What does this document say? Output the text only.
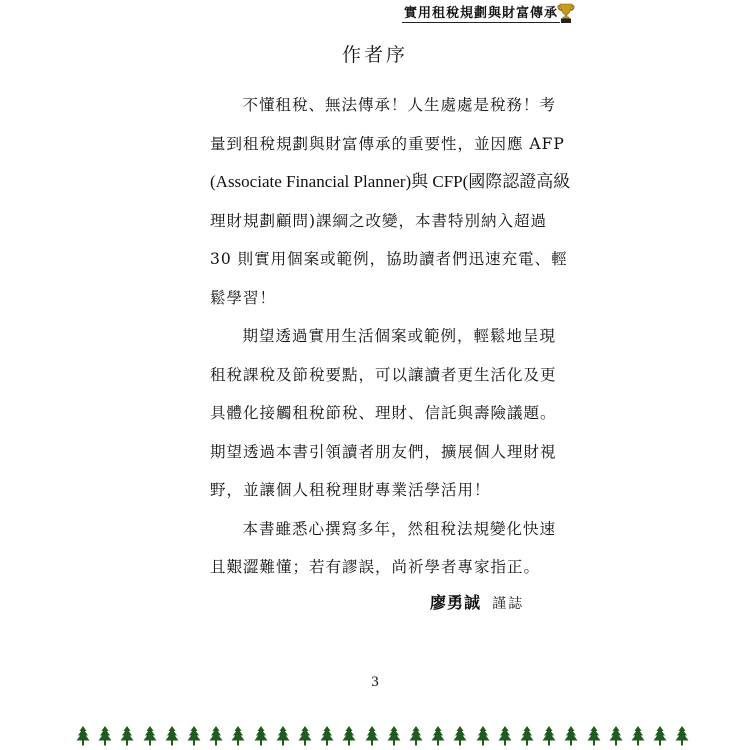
實用租稅規劃與財富傳承
作者序

不懂租稅、無法傳承！人生處處是稅務！考
量到租稅規劃與財富傳承的重要性，並因應 AFP
(Associate Financial Planner)與 CFP(國際認證高級
理財規劃顧問)課綱之改變，本書特別納入超過
30 則實用個案或範例，協助讀者們迅速充電、輕
鬆學習！

期望透過實用生活個案或範例，輕鬆地呈現
租稅課稅及節稅要點，可以讓讀者更生活化及更
具體化接觸租稅節稅、理財、信託與壽險議題。
期望透過本書引領讀者朋友們，擴展個人理財視
野，並讓個人租稅理財專業活學活用！

本書雖悉心撰寫多年，然租稅法規變化快速
且艱澀難懂；若有謬誤，尚祈學者專家指正。

廖勇誠 謹誌
3
